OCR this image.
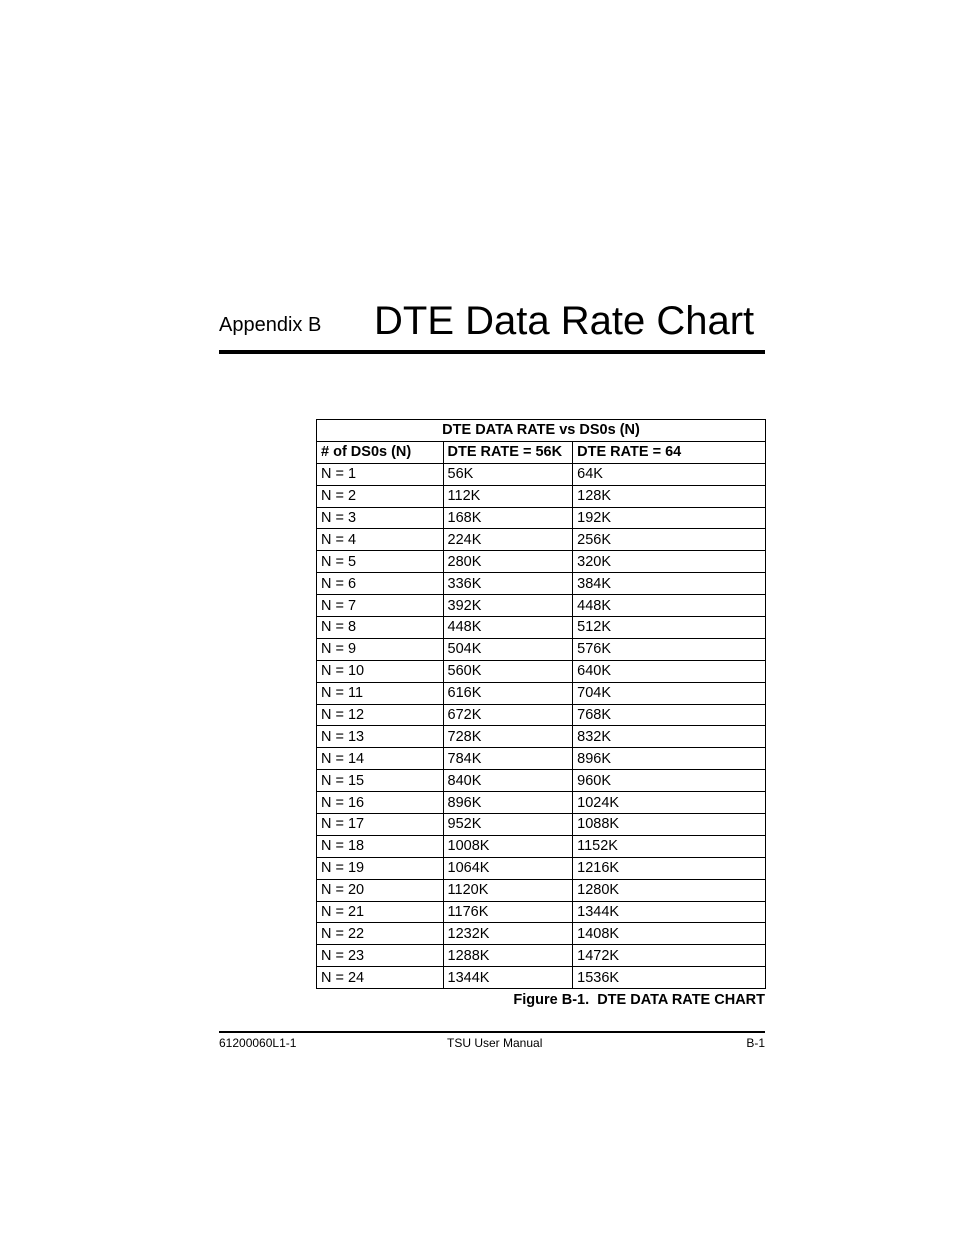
Appendix B DTE Data Rate Chart
DTE DATA RATE vs DS0s (N)		
# of DS0s (N)	DTE RATE = 56K	DTE RATE = 64
N = 1	56K	64K
N = 2	112K	128K
N = 3	168K	192K
N = 4	224K	256K
N = 5	280K	320K
N = 6	336K	384K
N = 7	392K	448K
N = 8	448K	512K
N = 9	504K	576K
N = 10	560K	640K
N = 11	616K	704K
N = 12	672K	768K
N = 13	728K	832K
N = 14	784K	896K
N = 15	840K	960K
N = 16	896K	1024K
N = 17	952K	1088K
N = 18	1008K	1152K
N = 19	1064K	1216K
N = 20	1120K	1280K
N = 21	1176K	1344K
N = 22	1232K	1408K
N = 23	1288K	1472K
N = 24	1344K	1536K
Figure B-1.  DTE DATA RATE CHART
61200060L1-1	TSU User Manual	B-1
